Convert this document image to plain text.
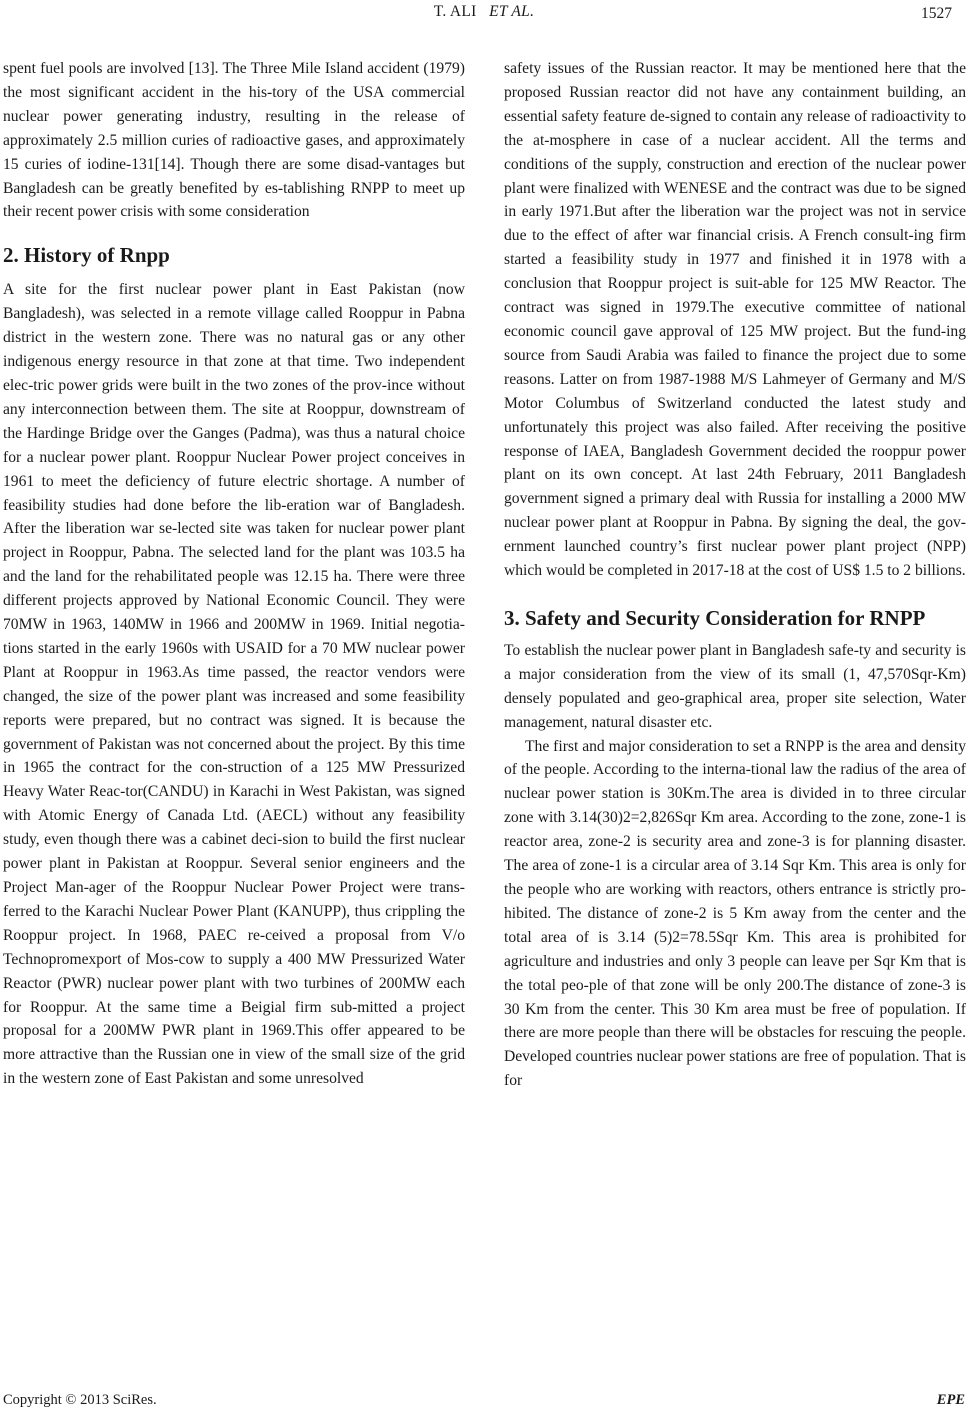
T. ALI ET AL.	1527

spent fuel pools are involved [13]. The Three Mile Island accident (1979) the most significant accident in the his-tory of the USA commercial nuclear power generating industry, resulting in the release of approximately 2.5 million curies of radioactive gases, and approximately 15 curies of iodine-131[14]. Though there are some disad-vantages but Bangladesh can be greatly benefited by es-tablishing RNPP to meet up their recent power crisis with some consideration

2. History of Rnpp

A site for the first nuclear power plant in East Pakistan (now Bangladesh), was selected in a remote village called Rooppur in Pabna district in the western zone. There was no natural gas or any other indigenous energy resource in that zone at that time. Two independent elec-tric power grids were built in the two zones of the prov-ince without any interconnection between them. The site at Rooppur, downstream of the Hardinge Bridge over the Ganges (Padma), was thus a natural choice for a nuclear power plant. Rooppur Nuclear Power project conceives in 1961 to meet the deficiency of future electric shortage. A number of feasibility studies had done before the lib-eration war of Bangladesh. After the liberation war se-lected site was taken for nuclear power plant project in Rooppur, Pabna. The selected land for the plant was 103.5 ha and the land for the rehabilitated people was 12.15 ha. There were three different projects approved by National Economic Council. They were 70MW in 1963, 140MW in 1966 and 200MW in 1969. Initial negotia-tions started in the early 1960s with USAID for a 70 MW nuclear power Plant at Rooppur in 1963.As time passed, the reactor vendors were changed, the size of the power plant was increased and some feasibility reports were prepared, but no contract was signed. It is because the government of Pakistan was not concerned about the project. By this time in 1965 the contract for the con-struction of a 125 MW Pressurized Heavy Water Reac-tor(CANDU) in Karachi in West Pakistan, was signed with Atomic Energy of Canada Ltd. (AECL) without any feasibility study, even though there was a cabinet deci-sion to build the first nuclear power plant in Pakistan at Rooppur. Several senior engineers and the Project Man-ager of the Rooppur Nuclear Power Project were trans-ferred to the Karachi Nuclear Power Plant (KANUPP), thus crippling the Rooppur project. In 1968, PAEC re-ceived a proposal from V/o Technopromexport of Mos-cow to supply a 400 MW Pressurized Water Reactor (PWR) nuclear power plant with two turbines of 200MW each for Rooppur. At the same time a Beigial firm sub-mitted a project proposal for a 200MW PWR plant in 1969.This offer appeared to be more attractive than the Russian one in view of the small size of the grid in the western zone of East Pakistan and some unresolved

safety issues of the Russian reactor. It may be mentioned here that the proposed Russian reactor did not have any containment building, an essential safety feature de-signed to contain any release of radioactivity to the at-mosphere in case of a nuclear accident. All the terms and conditions of the supply, construction and erection of the nuclear power plant were finalized with WENESE and the contract was due to be signed in early 1971.But after the liberation war the project was not in service due to the effect of after war financial crisis. A French consult-ing firm started a feasibility study in 1977 and finished it in 1978 with a conclusion that Rooppur project is suit-able for 125 MW Reactor. The contract was signed in 1979.The executive committee of national economic council gave approval of 125 MW project. But the fund-ing source from Saudi Arabia was failed to finance the project due to some reasons. Latter on from 1987-1988 M/S Lahmeyer of Germany and M/S Motor Columbus of Switzerland conducted the latest study and unfortunately this project was also failed. After receiving the positive response of IAEA, Bangladesh Government decided the rooppur power plant on its own concept. At last 24th February, 2011 Bangladesh government signed a primary deal with Russia for installing a 2000 MW nuclear power plant at Rooppur in Pabna. By signing the deal, the gov-ernment launched country’s first nuclear power plant project (NPP) which would be completed in 2017-18 at the cost of US$ 1.5 to 2 billions.

3. Safety and Security Consideration for RNPP

To establish the nuclear power plant in Bangladesh safe-ty and security is a major consideration from the view of its small (1, 47,570Sqr-Km) densely populated and geo-graphical area, proper site selection, Water management, natural disaster etc.

The first and major consideration to set a RNPP is the area and density of the people. According to the interna-tional law the radius of the area of nuclear power station is 30Km.The area is divided in to three circular zone with 3.14(30)2=2,826Sqr Km area. According to the zone, zone-1 is reactor area, zone-2 is security area and zone-3 is for planning disaster. The area of zone-1 is a circular area of 3.14 Sqr Km. This area is only for the people who are working with reactors, others entrance is strictly pro-hibited. The distance of zone-2 is 5 Km away from the center and the total area of is 3.14 (5)2=78.5Sqr Km. This area is prohibited for agriculture and industries and only 3 people can leave per Sqr Km that is the total peo-ple of that zone will be only 200.The distance of zone-3 is 30 Km from the center. This 30 Km area must be free of population. If there are more people than there will be obstacles for rescuing the people. Developed countries nuclear power stations are free of population. That is for

Copyright © 2013 SciRes.	EPE
